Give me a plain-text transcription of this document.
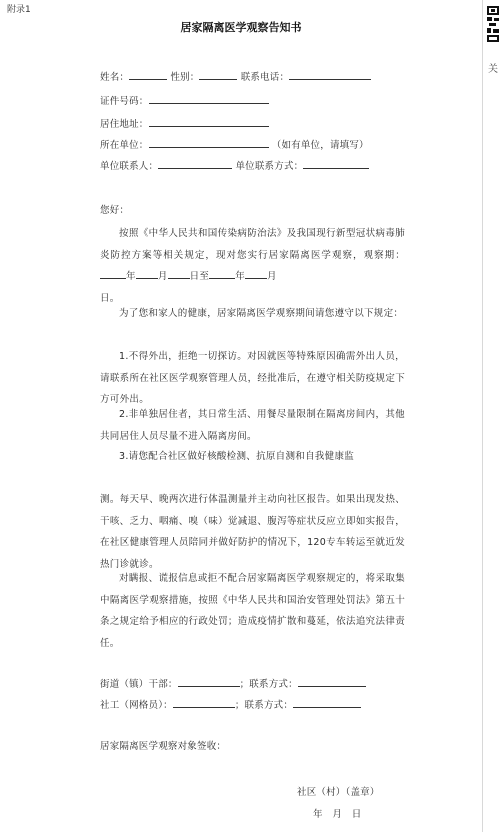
附录1
居家隔离医学观察告知书
姓名：	性别：	联系电话：
证件号码：
居住地址：
所在单位：	（如有单位，请填写）
单位联系人：	单位联系方式：
您好：
按照《中华人民共和国传染病防治法》及我国现行新型冠状病毒肺炎防控方案等相关规定，现对您实行居家隔离医学观察，观察期：年 月 日至	年 月
日。
为了您和家人的健康，居家隔离医学观察期间请您遵守以下规定：
1.不得外出，拒绝一切探访。对因就医等特殊原因确需外出人员，请联系所在社区医学观察管理人员，经批准后，在遵守相关防疫规定下方可外出。
2.非单独居住者，其日常生活、用餐尽量限制在隔离房间内，其他共同居住人员尽量不进入隔离房间。
3.请您配合社区做好核酸检测、抗原自测和自我健康监
测。每天早、晚两次进行体温测量并主动向社区报告。如果出现发热、干咳、乏力、咽痛、嗅（味）觉减退、腹泻等症状反应立即如实报告，在社区健康管理人员陪同并做好防护的情况下，120专车转运至就近发热门诊就诊。
对瞒报、谎报信息或拒不配合居家隔离医学观察规定的，将采取集中隔离医学观察措施，按照《中华人民共和国治安管理处罚法》第五十条之规定给予相应的行政处罚；造成疫情扩散和蔓延，依法追究法律责任。
街道（镇）干部：	；联系方式：
社工（网格员）：	；联系方式：
居家隔离医学观察对象签收：
社区（村）（盖章）
年　月　日
关
